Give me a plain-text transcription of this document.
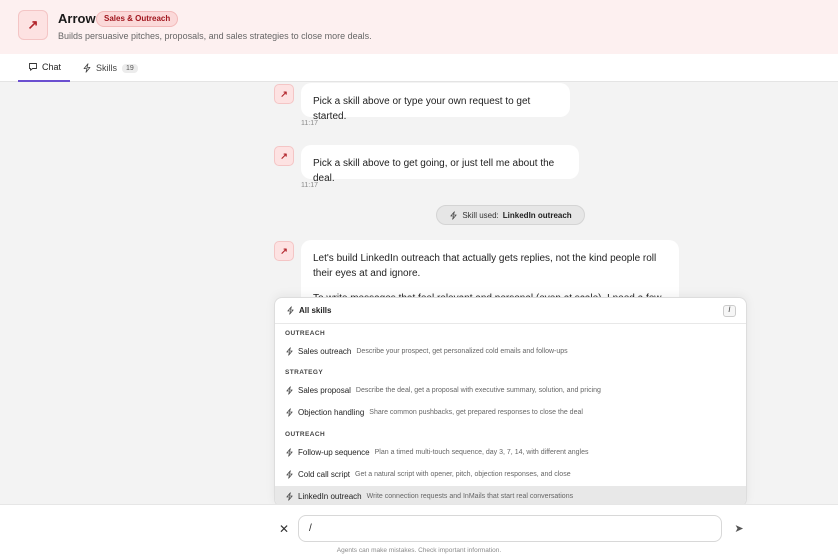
↗	Arrow	Sales & Outreach
Builds persuasive pitches, proposals, and sales strategies to close more deals.
Chat	Skills	19
↗
Pick a skill above or type your own request to get started.
11:17
↗
Pick a skill above to get going, or just tell me about the deal.
11:17
Skill used: LinkedIn outreach
↗

Let's build LinkedIn outreach that actually gets replies, not the kind people roll their eyes at and ignore.

All skills	/
OUTREACH
Sales outreach Describe your prospect, get personalized cold emails and follow-ups
STRATEGY
Sales proposal Describe the deal, get a proposal with executive summary, solution, and pricing
Objection handling Share common pushbacks, get prepared responses to close the deal
OUTREACH
Follow-up sequence Plan a timed multi-touch sequence, day 3, 7, 14, with different angles
Cold call script Get a natural script with opener, pitch, objection responses, and close
LinkedIn outreach Write connection requests and InMails that start real conversations
✕
/	➤
Agents can make mistakes. Check important information.
